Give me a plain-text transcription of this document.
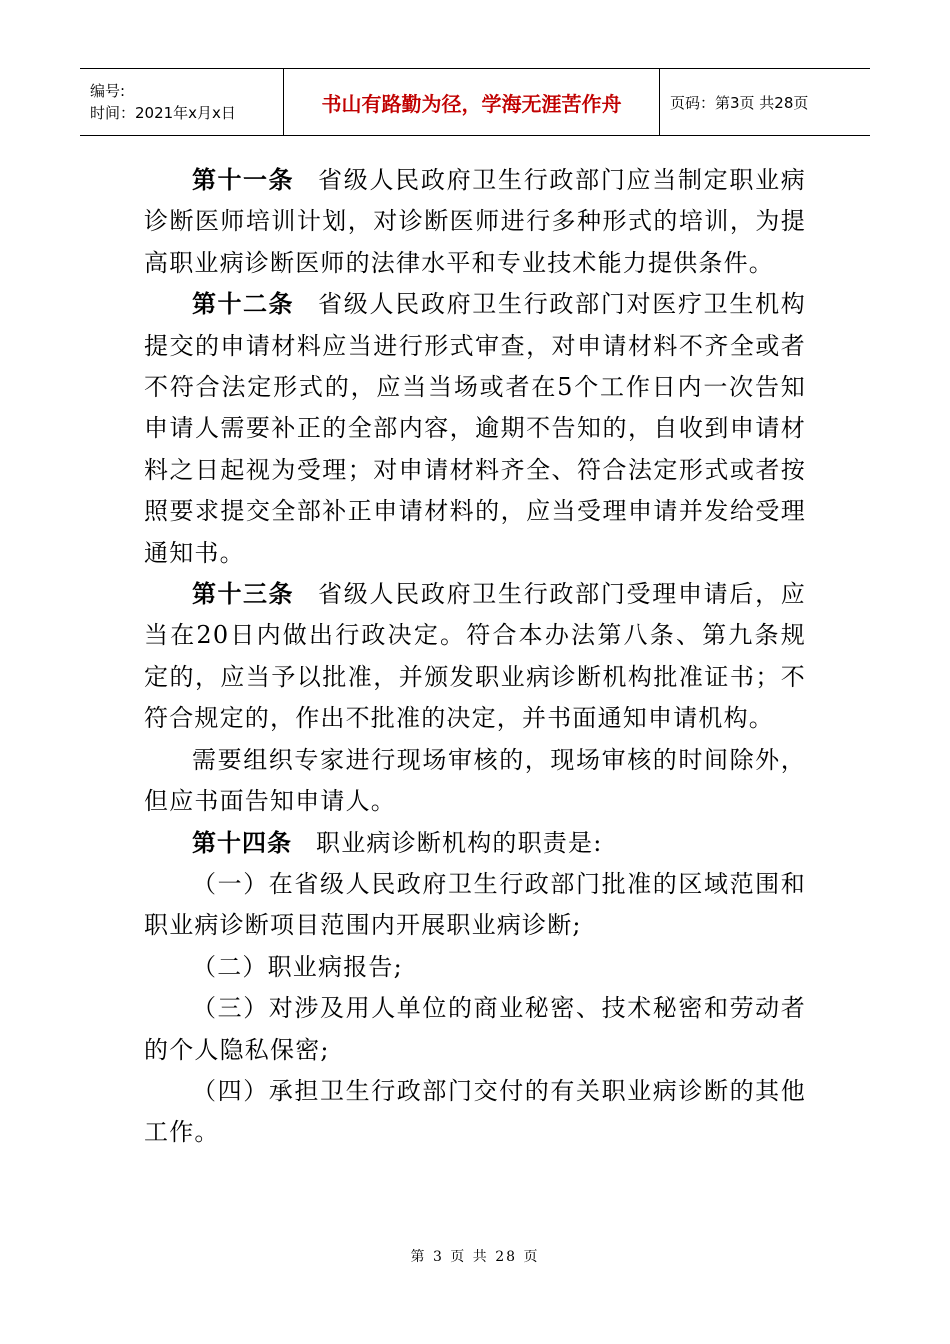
编号:
时间：2021年x月x日	书山有路勤为径，学海无涯苦作舟	页码：第3页 共28页

第十一条 省级人民政府卫生行政部门应当制定职业病诊断医师培训计划，对诊断医师进行多种形式的培训，为提高职业病诊断医师的法律水平和专业技术能力提供条件。

第十二条 省级人民政府卫生行政部门对医疗卫生机构提交的申请材料应当进行形式审查，对申请材料不齐全或者不符合法定形式的，应当当场或者在5个工作日内一次告知申请人需要补正的全部内容，逾期不告知的，自收到申请材料之日起视为受理；对申请材料齐全、符合法定形式或者按照要求提交全部补正申请材料的，应当受理申请并发给受理通知书。

第十三条 省级人民政府卫生行政部门受理申请后，应当在20日内做出行政决定。符合本办法第八条、第九条规定的，应当予以批准，并颁发职业病诊断机构批准证书；不符合规定的，作出不批准的决定，并书面通知申请机构。

需要组织专家进行现场审核的，现场审核的时间除外，但应书面告知申请人。

第十四条 职业病诊断机构的职责是:

（一）在省级人民政府卫生行政部门批准的区域范围和职业病诊断项目范围内开展职业病诊断;

（二）职业病报告;

（三）对涉及用人单位的商业秘密、技术秘密和劳动者的个人隐私保密;

（四）承担卫生行政部门交付的有关职业病诊断的其他工作。

第 3 页 共 28 页
